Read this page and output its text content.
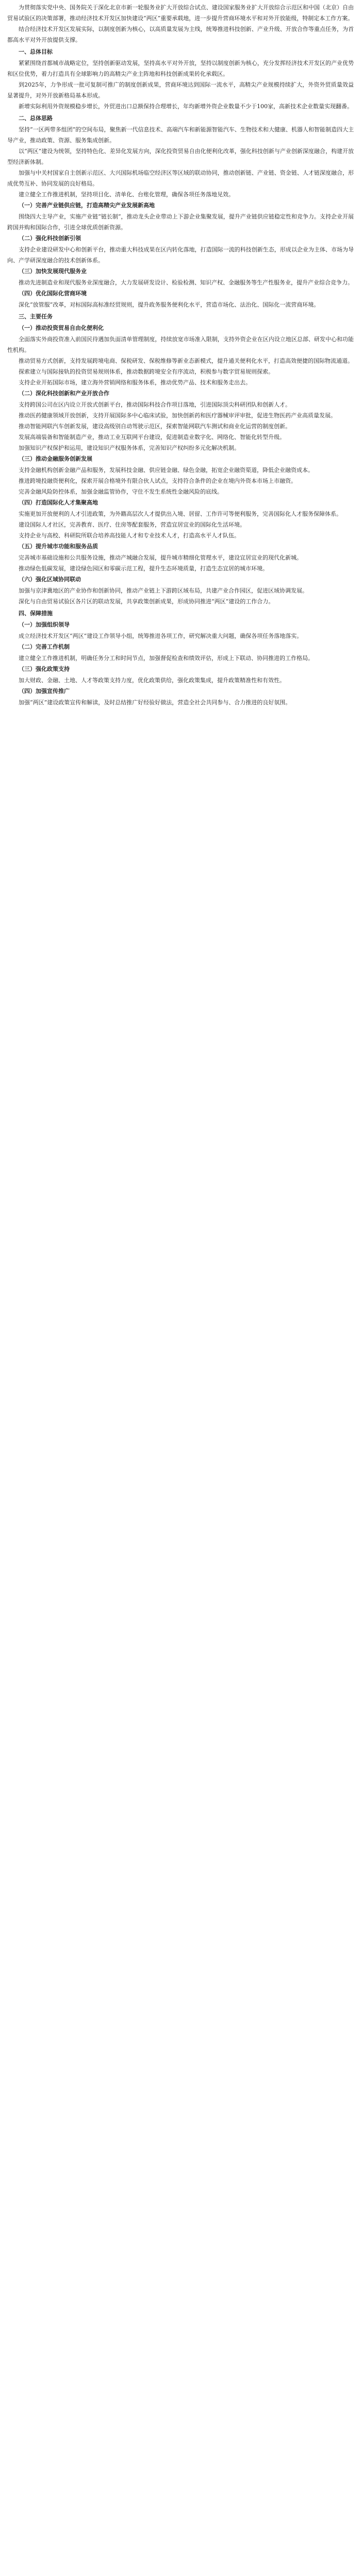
为贯彻落实党中央、国务院关于深化北京市新一轮服务业扩大开放综合试点、建设国家服务业扩大开放综合示范区和中国（北京）自由贸易试验区的决策部署，推动经济技术开发区加快建设“两区”重要承载地，进一步提升营商环境水平和对外开放能级，特制定本工作方案。

结合经济技术开发区发展实际，以制度创新为核心，以高质量发展为主线，统筹推进科技创新、产业升级、开放合作等重点任务，为首都高水平对外开放提供支撑。

一、总体目标

紧紧围绕首都城市战略定位，坚持创新驱动发展，坚持高水平对外开放，坚持以制度创新为核心，充分发挥经济技术开发区的产业优势和区位优势，着力打造具有全球影响力的高精尖产业主阵地和科技创新成果转化承载区。

到2025年，力争形成一批可复制可推广的制度创新成果，营商环境达到国际一流水平，高精尖产业规模持续扩大，外资外贸质量效益显著提升，对外开放新格局基本形成。

新增实际利用外资规模稳步增长，外贸进出口总额保持合理增长，年均新增外资企业数量不少于100家，高新技术企业数量实现翻番。

二、总体思路

坚持“一区两带多组团”的空间布局，聚焦新一代信息技术、高端汽车和新能源智能汽车、生物技术和大健康、机器人和智能制造四大主导产业，推动政策、资源、服务集成创新。

以“两区”建设为统领，坚持特色化、差异化发展方向，深化投资贸易自由化便利化改革，强化科技创新与产业创新深度融合，构建开放型经济新体制。

加强与中关村国家自主创新示范区、大兴国际机场临空经济区等区域的联动协同，推动创新链、产业链、资金链、人才链深度融合，形成优势互补、协同发展的良好格局。

建立健全工作推进机制，坚持项目化、清单化、台账化管理，确保各项任务落地见效。

（一）完善产业链供应链，打造高精尖产业发展新高地

围绕四大主导产业，实施产业链“链长制”，推动龙头企业带动上下游企业集聚发展，提升产业链供应链稳定性和竞争力。支持企业开展跨国并购和国际合作，引进全球优质创新资源。

（二）强化科技创新引领

支持企业建设研发中心和创新平台，推动重大科技成果在区内转化落地，打造国际一流的科技创新生态，形成以企业为主体、市场为导向、产学研深度融合的技术创新体系。

（三）加快发展现代服务业

推动先进制造业和现代服务业深度融合，大力发展研发设计、检验检测、知识产权、金融服务等生产性服务业，提升产业综合竞争力。

（四）优化国际化营商环境

深化“放管服”改革，对标国际高标准经贸规则，提升政务服务便利化水平，营造市场化、法治化、国际化一流营商环境。

三、主要任务
（一）推动投资贸易自由化便利化

全面落实外商投资准入前国民待遇加负面清单管理制度，持续放宽市场准入限制，支持外资企业在区内设立地区总部、研发中心和功能性机构。

推动贸易方式创新，支持发展跨境电商、保税研发、保税维修等新业态新模式，提升通关便利化水平，打造高效便捷的国际物流通道。

探索建立与国际接轨的投资贸易规则体系，推动数据跨境安全有序流动，积极参与数字贸易规则探索。

支持企业开拓国际市场，建立海外营销网络和服务体系，推动优势产品、技术和服务走出去。

（二）深化科技创新和产业开放合作

支持跨国公司在区内设立开放式创新平台，推动国际科技合作项目落地，引进国际顶尖科研团队和创新人才。

推动医药健康领域开放创新，支持开展国际多中心临床试验，加快创新药和医疗器械审评审批，促进生物医药产业高质量发展。

推动智能网联汽车创新发展，建设高级别自动驾驶示范区，探索智能网联汽车测试和商业化运营的制度创新。

发展高端装备和智能制造产业，推动工业互联网平台建设，促进制造业数字化、网络化、智能化转型升级。

加强知识产权保护和运用，建设知识产权服务体系，完善知识产权纠纷多元化解决机制。

（三）推动金融服务创新发展

支持金融机构创新金融产品和服务，发展科技金融、供应链金融、绿色金融，拓宽企业融资渠道，降低企业融资成本。

推进跨境投融资便利化，探索开展合格境外有限合伙人试点，支持符合条件的企业在境内外资本市场上市融资。

完善金融风险防控体系，加强金融监管协作，守住不发生系统性金融风险的底线。

（四）打造国际化人才集聚高地

实施更加开放便利的人才引进政策，为外籍高层次人才提供出入境、居留、工作许可等便利服务，完善国际化人才服务保障体系。

建设国际人才社区，完善教育、医疗、住房等配套服务，营造宜居宜业的国际化生活环境。

支持企业与高校、科研院所联合培养高技能人才和专业技术人才，打造高水平人才队伍。

（五）提升城市功能和服务品质

完善城市基础设施和公共服务设施，推动产城融合发展，提升城市精细化管理水平，建设宜居宜业的现代化新城。

推动绿色低碳发展，建设绿色园区和零碳示范工程，提升生态环境质量，打造生态宜居的城市环境。

（六）强化区域协同联动

加强与京津冀地区的产业协作和创新协同，推动产业链上下游跨区域布局，共建产业合作园区，促进区域协调发展。

深化与自由贸易试验区各片区的联动发展，共享政策创新成果，形成协同推进“两区”建设的工作合力。

四、保障措施
（一）加强组织领导

成立经济技术开发区“两区”建设工作领导小组，统筹推进各项工作，研究解决重大问题，确保各项任务落地落实。

（二）完善工作机制

建立健全工作推进机制，明确任务分工和时间节点，加强督促检查和绩效评估，形成上下联动、协同推进的工作格局。

（三）强化政策支持

加大财政、金融、土地、人才等政策支持力度，优化政策供给，强化政策集成，提升政策精准性和有效性。

（四）加强宣传推广

加强“两区”建设政策宣传和解读，及时总结推广好经验好做法，营造全社会共同参与、合力推进的良好氛围。
